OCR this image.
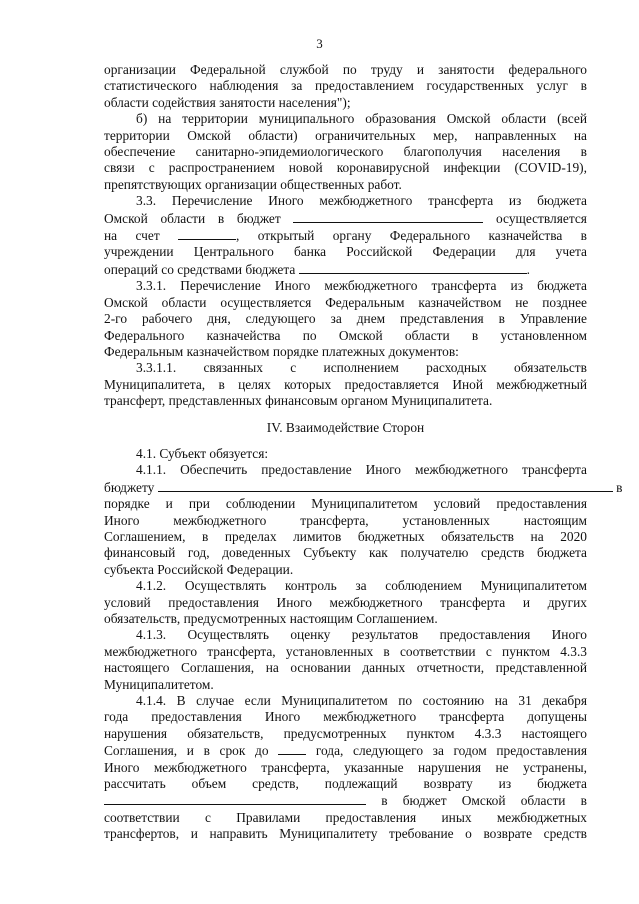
3
организации Федеральной службой по труду и занятости федерального
статистического наблюдения за предоставлением государственных услуг в
области содействия занятости населения");
б) на территории муниципального образования Омской области (всей
территории Омской области) ограничительных мер, направленных на
обеспечение санитарно-эпидемиологического благополучия населения в
связи с распространением новой коронавирусной инфекции (COVID-19),
препятствующих организации общественных работ.
3.3. Перечисление Иного межбюджетного трансферта из бюджета
Омской области в бюджет	осуществляется
на счет	, открытый органу Федерального казначейства в
учреждении Центрального банка Российской Федерации для учета
операций со средствами бюджета	.
3.3.1. Перечисление Иного межбюджетного трансферта из бюджета
Омской области осуществляется Федеральным казначейством не позднее
2-го рабочего дня, следующего за днем представления в Управление
Федерального казначейства по Омской области в установленном
Федеральным казначейством порядке платежных документов:
3.3.1.1. связанных с исполнением расходных обязательств
Муниципалитета, в целях которых предоставляется Иной межбюджетный
трансферт, представленных финансовым органом Муниципалитета.
IV. Взаимодействие Сторон
4.1. Субъект обязуется:
4.1.1. Обеспечить предоставление Иного межбюджетного трансферта
бюджету	в
порядке и при соблюдении Муниципалитетом условий предоставления
Иного межбюджетного трансферта, установленных настоящим
Соглашением, в пределах лимитов бюджетных обязательств на 2020
финансовый год, доведенных Субъекту как получателю средств бюджета
субъекта Российской Федерации.
4.1.2. Осуществлять контроль за соблюдением Муниципалитетом
условий предоставления Иного межбюджетного трансферта и других
обязательств, предусмотренных настоящим Соглашением.
4.1.3. Осуществлять оценку результатов предоставления Иного
межбюджетного трансферта, установленных в соответствии с пунктом 4.3.3
настоящего Соглашения, на основании данных отчетности, представленной
Муниципалитетом.
4.1.4. В случае если Муниципалитетом по состоянию на 31 декабря
года предоставления Иного межбюджетного трансферта допущены
нарушения обязательств, предусмотренных пунктом 4.3.3 настоящего
Соглашения, и в срок до	года, следующего за годом предоставления
Иного межбюджетного трансферта, указанные нарушения не устранены,
рассчитать объем средств, подлежащий возврату из бюджета
в бюджет Омской области в
соответствии с Правилами предоставления иных межбюджетных
трансфертов, и направить Муниципалитету требование о возврате средств
